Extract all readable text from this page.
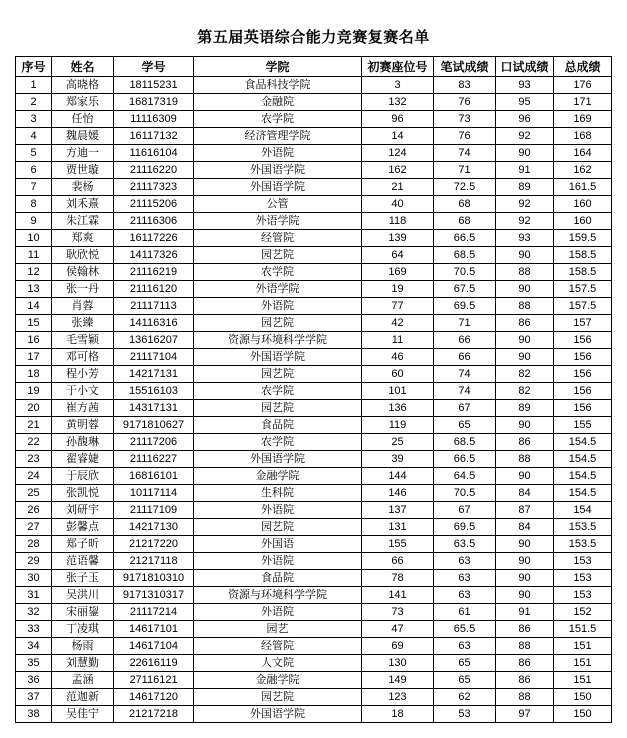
第五届英语综合能力竞赛复赛名单
序号	姓名	学号	学院	初赛座位号	笔试成绩	口试成绩	总成绩
1	高晓格	18115231	食品科技学院	3	83	93	176
2	郑家乐	16817319	金融院	132	76	95	171
3	任怡	11116309	农学院	96	73	96	169
4	魏晨媛	16117132	经济管理学院	14	76	92	168
5	方迪一	11616104	外语院	124	74	90	164
6	贾世璇	21116220	外国语学院	162	71	91	162
7	裴杨	21117323	外国语学院	21	72.5	89	161.5
8	刘禾熹	21115206	公管	40	68	92	160
9	朱江霖	21116306	外语学院	118	68	92	160
10	郑爽	16117226	经管院	139	66.5	93	159.5
11	耿欣悦	14117326	园艺院	64	68.5	90	158.5
12	侯翰林	21116219	农学院	169	70.5	88	158.5
13	张一丹	21116120	外语学院	19	67.5	90	157.5
14	肖蓉	21117113	外语院	77	69.5	88	157.5
15	张臻	14116316	园艺院	42	71	86	157
16	毛雪颖	13616207	资源与环境科学学院	11	66	90	156
17	邓可格	21117104	外国语学院	46	66	90	156
18	程小芳	14217131	园艺院	60	74	82	156
19	于小文	15516103	农学院	101	74	82	156
20	崔方茜	14317131	园艺院	136	67	89	156
21	黄明蓉	9171810627	食品院	119	65	90	155
22	孙馥琳	21117206	农学院	25	68.5	86	154.5
23	翟睿婕	21116227	外国语学院	39	66.5	88	154.5
24	于辰欣	16816101	金融学院	144	64.5	90	154.5
25	张凯悦	10117114	生科院	146	70.5	84	154.5
26	刘研宇	21117109	外语院	137	67	87	154
27	彭馨点	14217130	园艺院	131	69.5	84	153.5
28	郑子昕	21217220	外国语	155	63.5	90	153.5
29	范语馨	21217118	外语院	66	63	90	153
30	张子玉	9171810310	食品院	78	63	90	153
31	吴洪川	9171310317	资源与环境科学学院	141	63	90	153
32	宋丽鋆	21117214	外语院	73	61	91	152
33	丁凌琪	14617101	园艺	47	65.5	86	151.5
34	杨雨	14617104	经管院	69	63	88	151
35	刘慧勤	22616119	人文院	130	65	86	151
36	孟涵	27116121	金融学院	149	65	86	151
37	范迦新	14617120	园艺院	123	62	88	150
38	吴佳宁	21217218	外国语学院	18	53	97	150
